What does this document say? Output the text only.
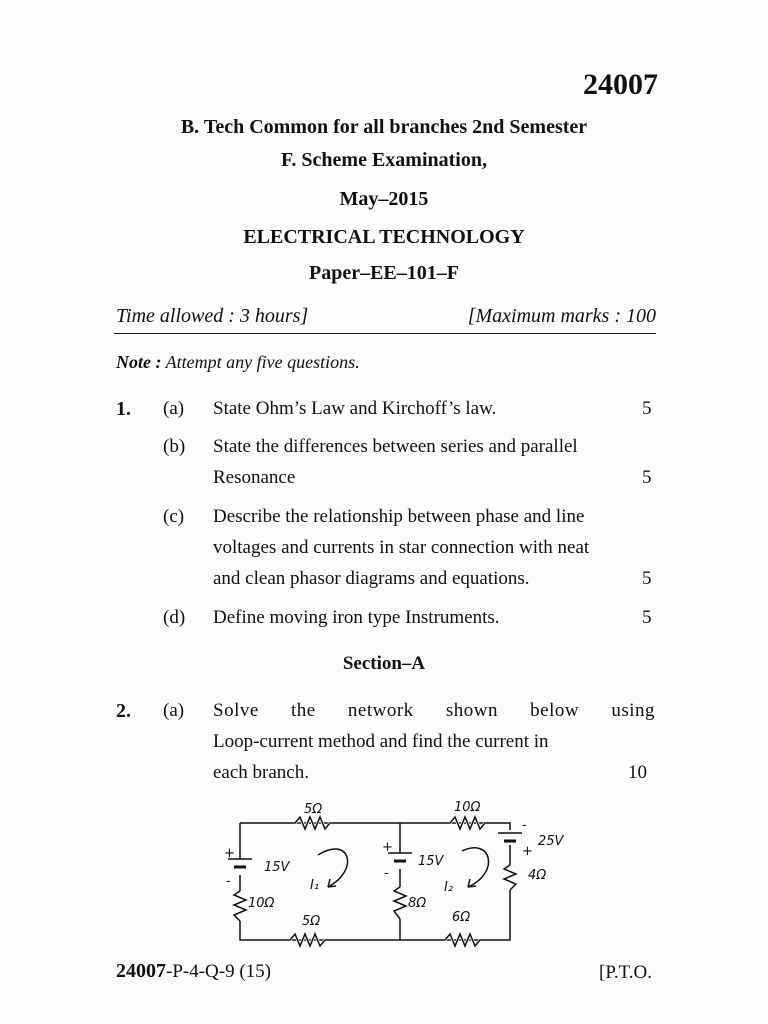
24007
B. Tech Common for all branches 2nd Semester
F. Scheme Examination,
May–2015
ELECTRICAL TECHNOLOGY
Paper–EE–101–F
Time allowed : 3 hours]	[Maximum marks : 100
Note : Attempt any five questions.
1. (a) State Ohm’s Law and Kirchoff’s law.	5
(b) State the differences between series and parallel
Resonance	5
(c) Describe the relationship between phase and line
voltages and currents in star connection with neat
and clean phasor diagrams and equations.	5
(d) Define moving iron type Instruments.	5
Section–A
2. (a) Solve the network shown below using
Loop-current method and find the current in
each branch.	10
+
-
+
-
-
+
5Ω	10Ω
25V
4Ω
15V
10Ω
I₁
5Ω
15V
8Ω
I₂
6Ω
24007-P-4-Q-9 (15)	[P.T.O.
